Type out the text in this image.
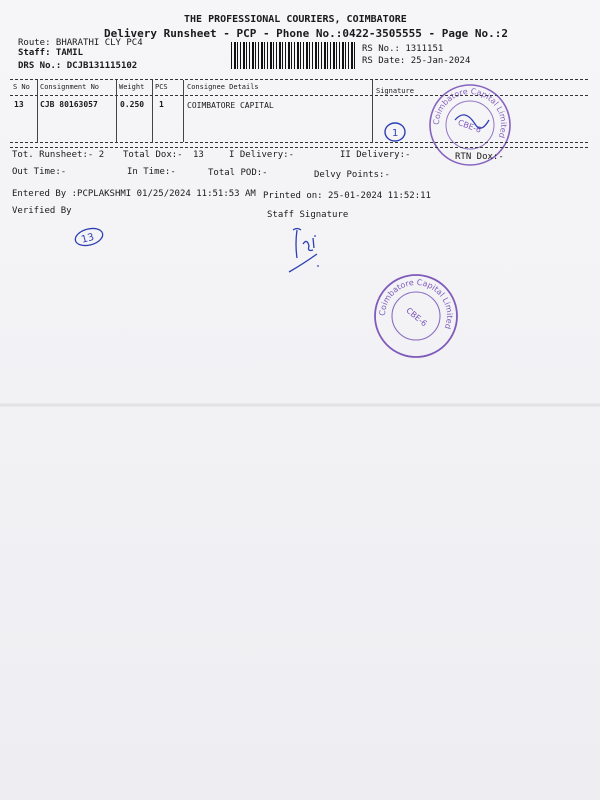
THE PROFESSIONAL COURIERS, COIMBATORE
Delivery Runsheet - PCP - Phone No.:0422-3505555 - Page No.:2
Route: BHARATHI CLY PC4
Staff: TAMIL
DRS No.: DCJB131115102
RS No.: 1311151
RS Date: 25-Jan-2024
S No Consignment No	Weight PCS	Consignee Details	Signature
13 CJB 80163057	0.250 1	COIMBATORE CAPITAL
1
Coimbatore Capital Limited
CBE-6
Tot. Runsheet:- 2 Total Dox:- 13	I Delivery:-	II Delivery:-	RTN Dox:-
Out Time:-	In Time:-	Total POD:-	Delvy Points:-
Entered By :PCPLAKSHMI 01/25/2024 11:51:53 AM Printed on: 25-01-2024 11:52:11
Verified By	Staff Signature
13
Coimbatore Capital Limited
CBE-6
